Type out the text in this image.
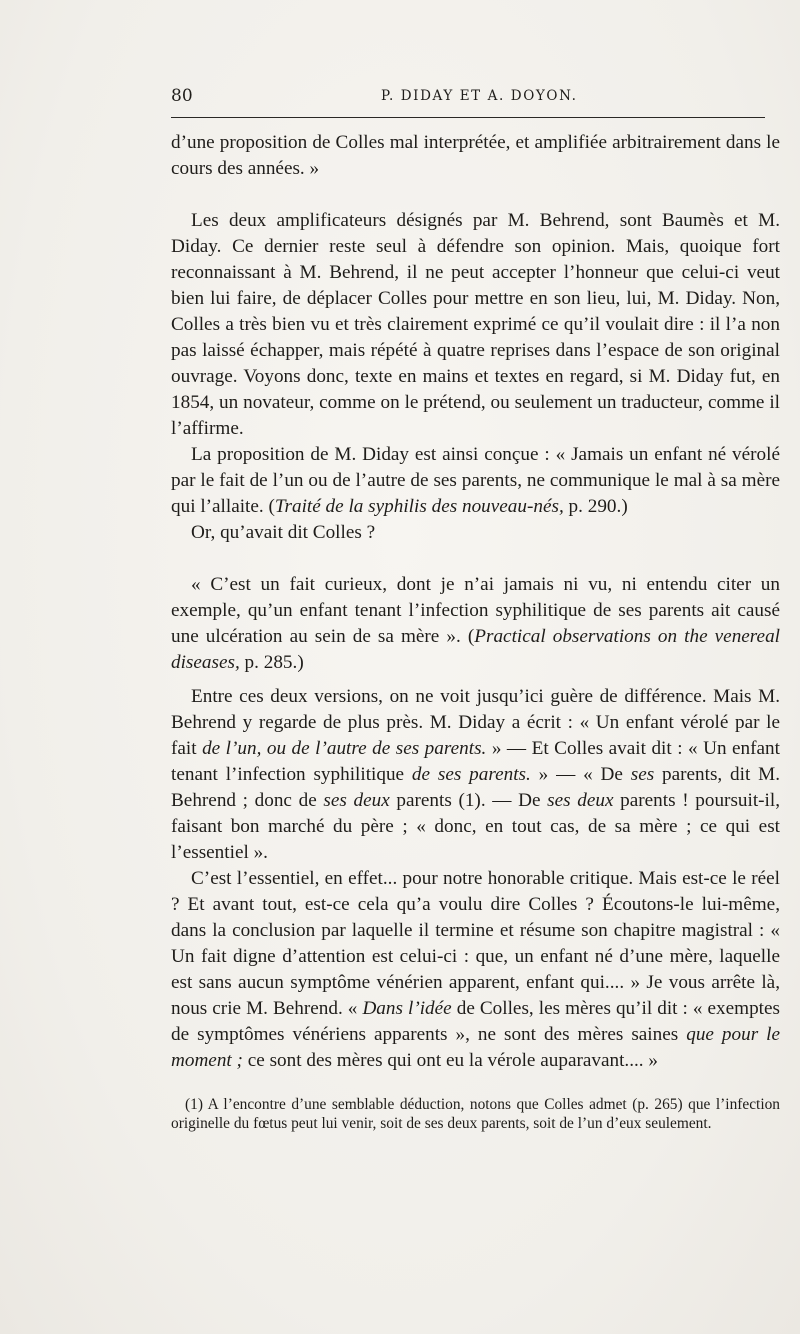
80	P. DIDAY ET A. DOYON.

d’une proposition de Colles mal interprétée, et amplifiée arbitrairement dans le cours des années. »

Les deux amplificateurs désignés par M. Behrend, sont Baumès et M. Diday. Ce dernier reste seul à défendre son opinion. Mais, quoique fort reconnaissant à M. Behrend, il ne peut accepter l’honneur que celui-ci veut bien lui faire, de déplacer Colles pour mettre en son lieu, lui, M. Diday. Non, Colles a très bien vu et très clairement exprimé ce qu’il voulait dire : il l’a non pas laissé échapper, mais répété à quatre reprises dans l’espace de son original ouvrage. Voyons donc, texte en mains et textes en regard, si M. Diday fut, en 1854, un novateur, comme on le prétend, ou seulement un traducteur, comme il l’affirme.

La proposition de M. Diday est ainsi conçue : « Jamais un enfant né vérolé par le fait de l’un ou de l’autre de ses parents, ne communique le mal à sa mère qui l’allaite. (Traité de la syphilis des nouveau-nés, p. 290.)

Or, qu’avait dit Colles ?

« C’est un fait curieux, dont je n’ai jamais ni vu, ni entendu citer un exemple, qu’un enfant tenant l’infection syphilitique de ses parents ait causé une ulcération au sein de sa mère ». (Practical observations on the venereal diseases, p. 285.)

Entre ces deux versions, on ne voit jusqu’ici guère de différence. Mais M. Behrend y regarde de plus près. M. Diday a écrit : « Un enfant vérolé par le fait de l’un, ou de l’autre de ses parents. » — Et Colles avait dit : « Un enfant tenant l’infection syphilitique de ses parents. » — « De ses parents, dit M. Behrend ; donc de ses deux parents (1). — De ses deux parents ! poursuit-il, faisant bon marché du père ; « donc, en tout cas, de sa mère ; ce qui est l’essentiel ».

C’est l’essentiel, en effet... pour notre honorable critique. Mais est-ce le réel ? Et avant tout, est-ce cela qu’a voulu dire Colles ? Écoutons-le lui-même, dans la conclusion par laquelle il termine et résume son chapitre magistral : « Un fait digne d’attention est celui-ci : que, un enfant né d’une mère, laquelle est sans aucun symptôme vénérien apparent, enfant qui.... » Je vous arrête là, nous crie M. Behrend. « Dans l’idée de Colles, les mères qu’il dit : « exemptes de symptômes vénériens apparents », ne sont des mères saines que pour le moment ; ce sont des mères qui ont eu la vérole auparavant.... »

(1) A l’encontre d’une semblable déduction, notons que Colles admet (p. 265) que l’infection originelle du fœtus peut lui venir, soit de ses deux parents, soit de l’un d’eux seulement.
